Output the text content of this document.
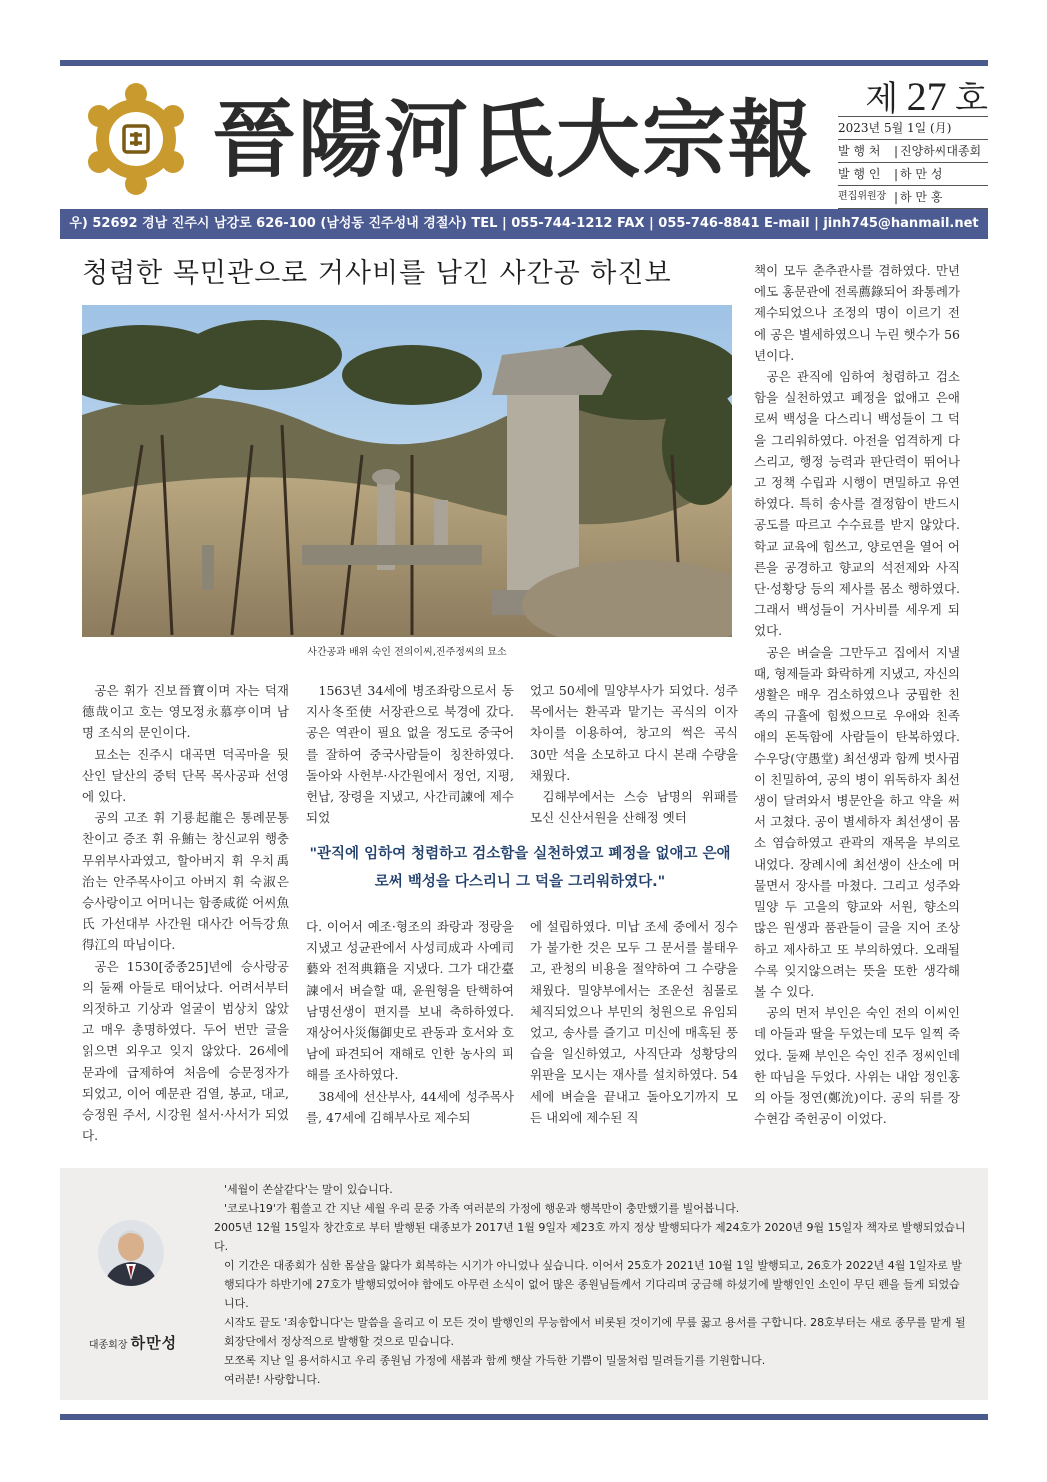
晉陽河氏大宗報	제 27 호
2023년 5월 1일 (月)
발 행 처	| 진양하씨대종회
발 행 인	| 하 만 성
편집위원장 | 하 만 홍
우) 52692 경남 진주시 남강로 626-100 (남성동 진주성내 경절사) TEL | 055-744-1212 FAX | 055-746-8841 E-mail | jinh745@hanmail.net
청렴한 목민관으로 거사비를 남긴 사간공 하진보
사간공과 배위 숙인 전의이씨,진주정씨의 묘소

공은 휘가 진보晉寶이며 자는 덕재德哉이고 호는 영모정永慕亭이며 남명 조식의 문인이다.

묘소는 진주시 대곡면 덕곡마을 뒷 산인 달산의 중턱 단목 목사공파 선영에 있다.

공의 고조 휘 기룡起龍은 통례문통찬이고 증조 휘 유鮪는 창신교위 행충무위부사과였고, 할아버지 휘 우치禹治는 안주목사이고 아버지 휘 숙淑은 승사랑이고 어머니는 함종咸從 어씨魚氏 가선대부 사간원 대사간 어득강魚得江의 따님이다.

공은 1530[중종25]년에 승사랑공의 둘째 아들로 태어났다. 어려서부터 의젓하고 기상과 얼굴이 범상치 않았고 매우 총명하였다. 두어 번만 글을 읽으면 외우고 잊지 않았다. 26세에 문과에 급제하여 처음에 승문정자가 되었고, 이어 예문관 검열, 봉교, 대교, 승정원 주서, 시강원 설서·사서가 되었다.

1563년 34세에 병조좌랑으로서 동지사冬至使 서장관으로 북경에 갔다. 공은 역관이 필요 없을 정도로 중국어를 잘하여 중국사람들이 칭찬하였다. 돌아와 사헌부·사간원에서 정언, 지평, 헌납, 장령을 지냈고, 사간司諫에 제수되었

었고 50세에 밀양부사가 되었다. 성주목에서는 환곡과 맡기는 곡식의 이자 차이를 이용하여, 창고의 썩은 곡식 30만 석을 소모하고 다시 본래 수량을 채웠다.

김해부에서는 스승 남명의 위패를 모신 신산서원을 산해정 옛터

"관직에 임하여 청렴하고 검소함을 실천하였고 폐정을 없애고 은애로써 백성을 다스리니 그 덕을 그리워하였다."

다. 이어서 예조·형조의 좌랑과 정랑을 지냈고 성균관에서 사성司成과 사예司藝와 전적典籍을 지냈다. 그가 대간臺諫에서 벼슬할 때, 윤원형을 탄핵하여 남명선생이 편지를 보내 축하하였다. 재상어사災傷御史로 관동과 호서와 호남에 파견되어 재해로 인한 농사의 피해를 조사하였다.

38세에 선산부사, 44세에 성주목사를, 47세에 김해부사로 제수되

에 설립하였다. 미납 조세 중에서 징수가 불가한 것은 모두 그 문서를 불태우고, 관청의 비용을 절약하여 그 수량을 채웠다. 밀양부에서는 조운선 침몰로 체직되었으나 부민의 청원으로 유임되었고, 송사를 즐기고 미신에 매혹된 풍습을 일신하였고, 사직단과 성황당의 위판을 모시는 재사를 설치하였다. 54세에 벼슬을 끝내고 돌아오기까지 모든 내외에 제수된 직

책이 모두 춘추관사를 겸하였다. 만년에도 홍문관에 전록薦錄되어 좌통례가 제수되었으나 조정의 명이 이르기 전에 공은 별세하였으니 누린 햇수가 56년이다.

공은 관직에 임하여 청렴하고 검소함을 실천하였고 폐정을 없애고 은애로써 백성을 다스리니 백성들이 그 덕을 그리워하였다. 아전을 엄격하게 다스리고, 행정 능력과 판단력이 뛰어나고 정책 수립과 시행이 면밀하고 유연하였다. 특히 송사를 결정함이 반드시 공도를 따르고 수수료를 받지 않았다. 학교 교육에 힘쓰고, 양로연을 열어 어른을 공경하고 향교의 석전제와 사직단·성황당 등의 제사를 몸소 행하였다. 그래서 백성들이 거사비를 세우게 되었다.

공은 벼슬을 그만두고 집에서 지낼 때, 형제들과 화락하게 지냈고, 자신의 생활은 매우 검소하였으나 궁핍한 친족의 규휼에 힘썼으므로 우애와 친족애의 돈독함에 사람들이 탄복하였다. 수우당(守愚堂) 최선생과 함께 벗사귐이 친밀하여, 공의 병이 위독하자 최선생이 달려와서 병문안을 하고 약을 써서 고쳤다. 공이 별세하자 최선생이 몸소 염습하였고 관곽의 재목을 부의로 내었다. 장례시에 최선생이 산소에 머물면서 장사를 마쳤다. 그리고 성주와 밀양 두 고을의 향교와 서원, 향소의 많은 원생과 품관들이 글을 지어 조상하고 제사하고 또 부의하였다. 오래될수록 잊지않으려는 뜻을 또한 생각해 볼 수 있다.

공의 먼저 부인은 숙인 전의 이씨인데 아들과 딸을 두었는데 모두 일찍 죽었다. 둘째 부인은 숙인 진주 정씨인데 한 따님을 두었다. 사위는 내암 정인홍의 아들 정연(鄭沇)이다. 공의 뒤를 장수현감 죽헌공이 이었다.

대종회장 하만성

'세월이 쏜살같다'는 말이 있습니다.

'코로나19'가 휩쓸고 간 지난 세월 우리 문중 가족 여러분의 가정에 행운과 행복만이 충만했기를 빌어봅니다.

2005년 12월 15일자 창간호로 부터 발행된 대종보가 2017년 1월 9일자 제23호 까지 정상 발행되다가 제24호가 2020년 9월 15일자 책자로 발행되었습니다.

이 기간은 대종회가 심한 몸살을 앓다가 회복하는 시기가 아니었나 싶습니다. 이어서 25호가 2021년 10월 1일 발행되고, 26호가 2022년 4월 1일자로 발행되다가 하반기에 27호가 발행되었어야 함에도 아무런 소식이 없어 많은 종원님들께서 기다리며 궁금해 하셨기에 발행인인 소인이 무딘 펜을 들게 되었습니다.

시작도 끝도 '죄송합니다'는 말씀을 올리고 이 모든 것이 발행인의 무능함에서 비롯된 것이기에 무릎 꿇고 용서를 구합니다. 28호부터는 새로 종무를 맡게 될 회장단에서 정상적으로 발행할 것으로 믿습니다.

모쪼록 지난 일 용서하시고 우리 종원님 가정에 새봄과 함께 햇살 가득한 기쁨이 밀물처럼 밀려들기를 기원합니다.

여러분! 사랑합니다.
